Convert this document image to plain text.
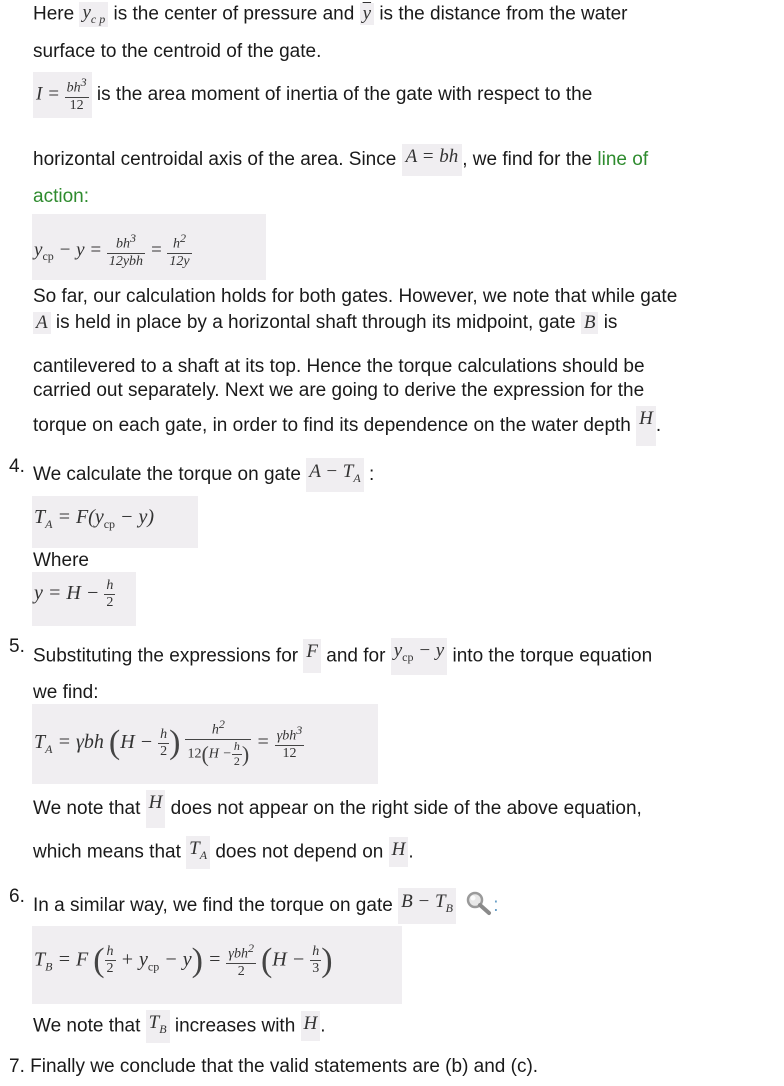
Here $y_{c p}$ is the center of pressure and $\overline{y}$ is the distance from the water
surface to the centroid of the gate.
$I = \frac{bh^3}{12}$ is the area moment of inertia of the gate with respect to the
horizontal centroidal axis of the area. Since A = bh , we find for the line of
action:
$y_{cp} - y = \frac{bh^3}{\text{12ybh}} = \frac{h^2}{12y}$
So far, our calculation holds for both gates. However, we note that while gate
A is held in place by a horizontal shaft through its midpoint, gate B is
cantilevered to a shaft at its top. Hence the torque calculations should be
carried out separately. Next we are going to derive the expression for the
torque on each gate, in order to find its dependence on the water depth H .
4. We calculate the torque on gate $A - T_A$ :
$T_A = F(y_{cp} - y)$
Where
$y = H - \frac{h}{2}$
5. Substituting the expressions for F and for $y_{cp} - y$ into the torque equation
we find:
$T_A = \gamma bh$ ($H - \frac{h}{2}$ ) $\frac{h^2}{12(H - \frac{h}{2} )} = \frac{\gamma bh^3}{12}$
We note that H does not appear on the right side of the above equation,
which means that $T_A$ does not depend on H .
6. In a similar way, we find the torque on gate $B - T_B$ :
$T_B = F$ ( $\frac{h}{2} + y_{cp} - y) = \frac{\gamma bh^2}{2} (H - \frac{h}{3}$ )
We note that $T_B$ increases with H .
7. Finally we conclude that the valid statements are (b) and (c).
